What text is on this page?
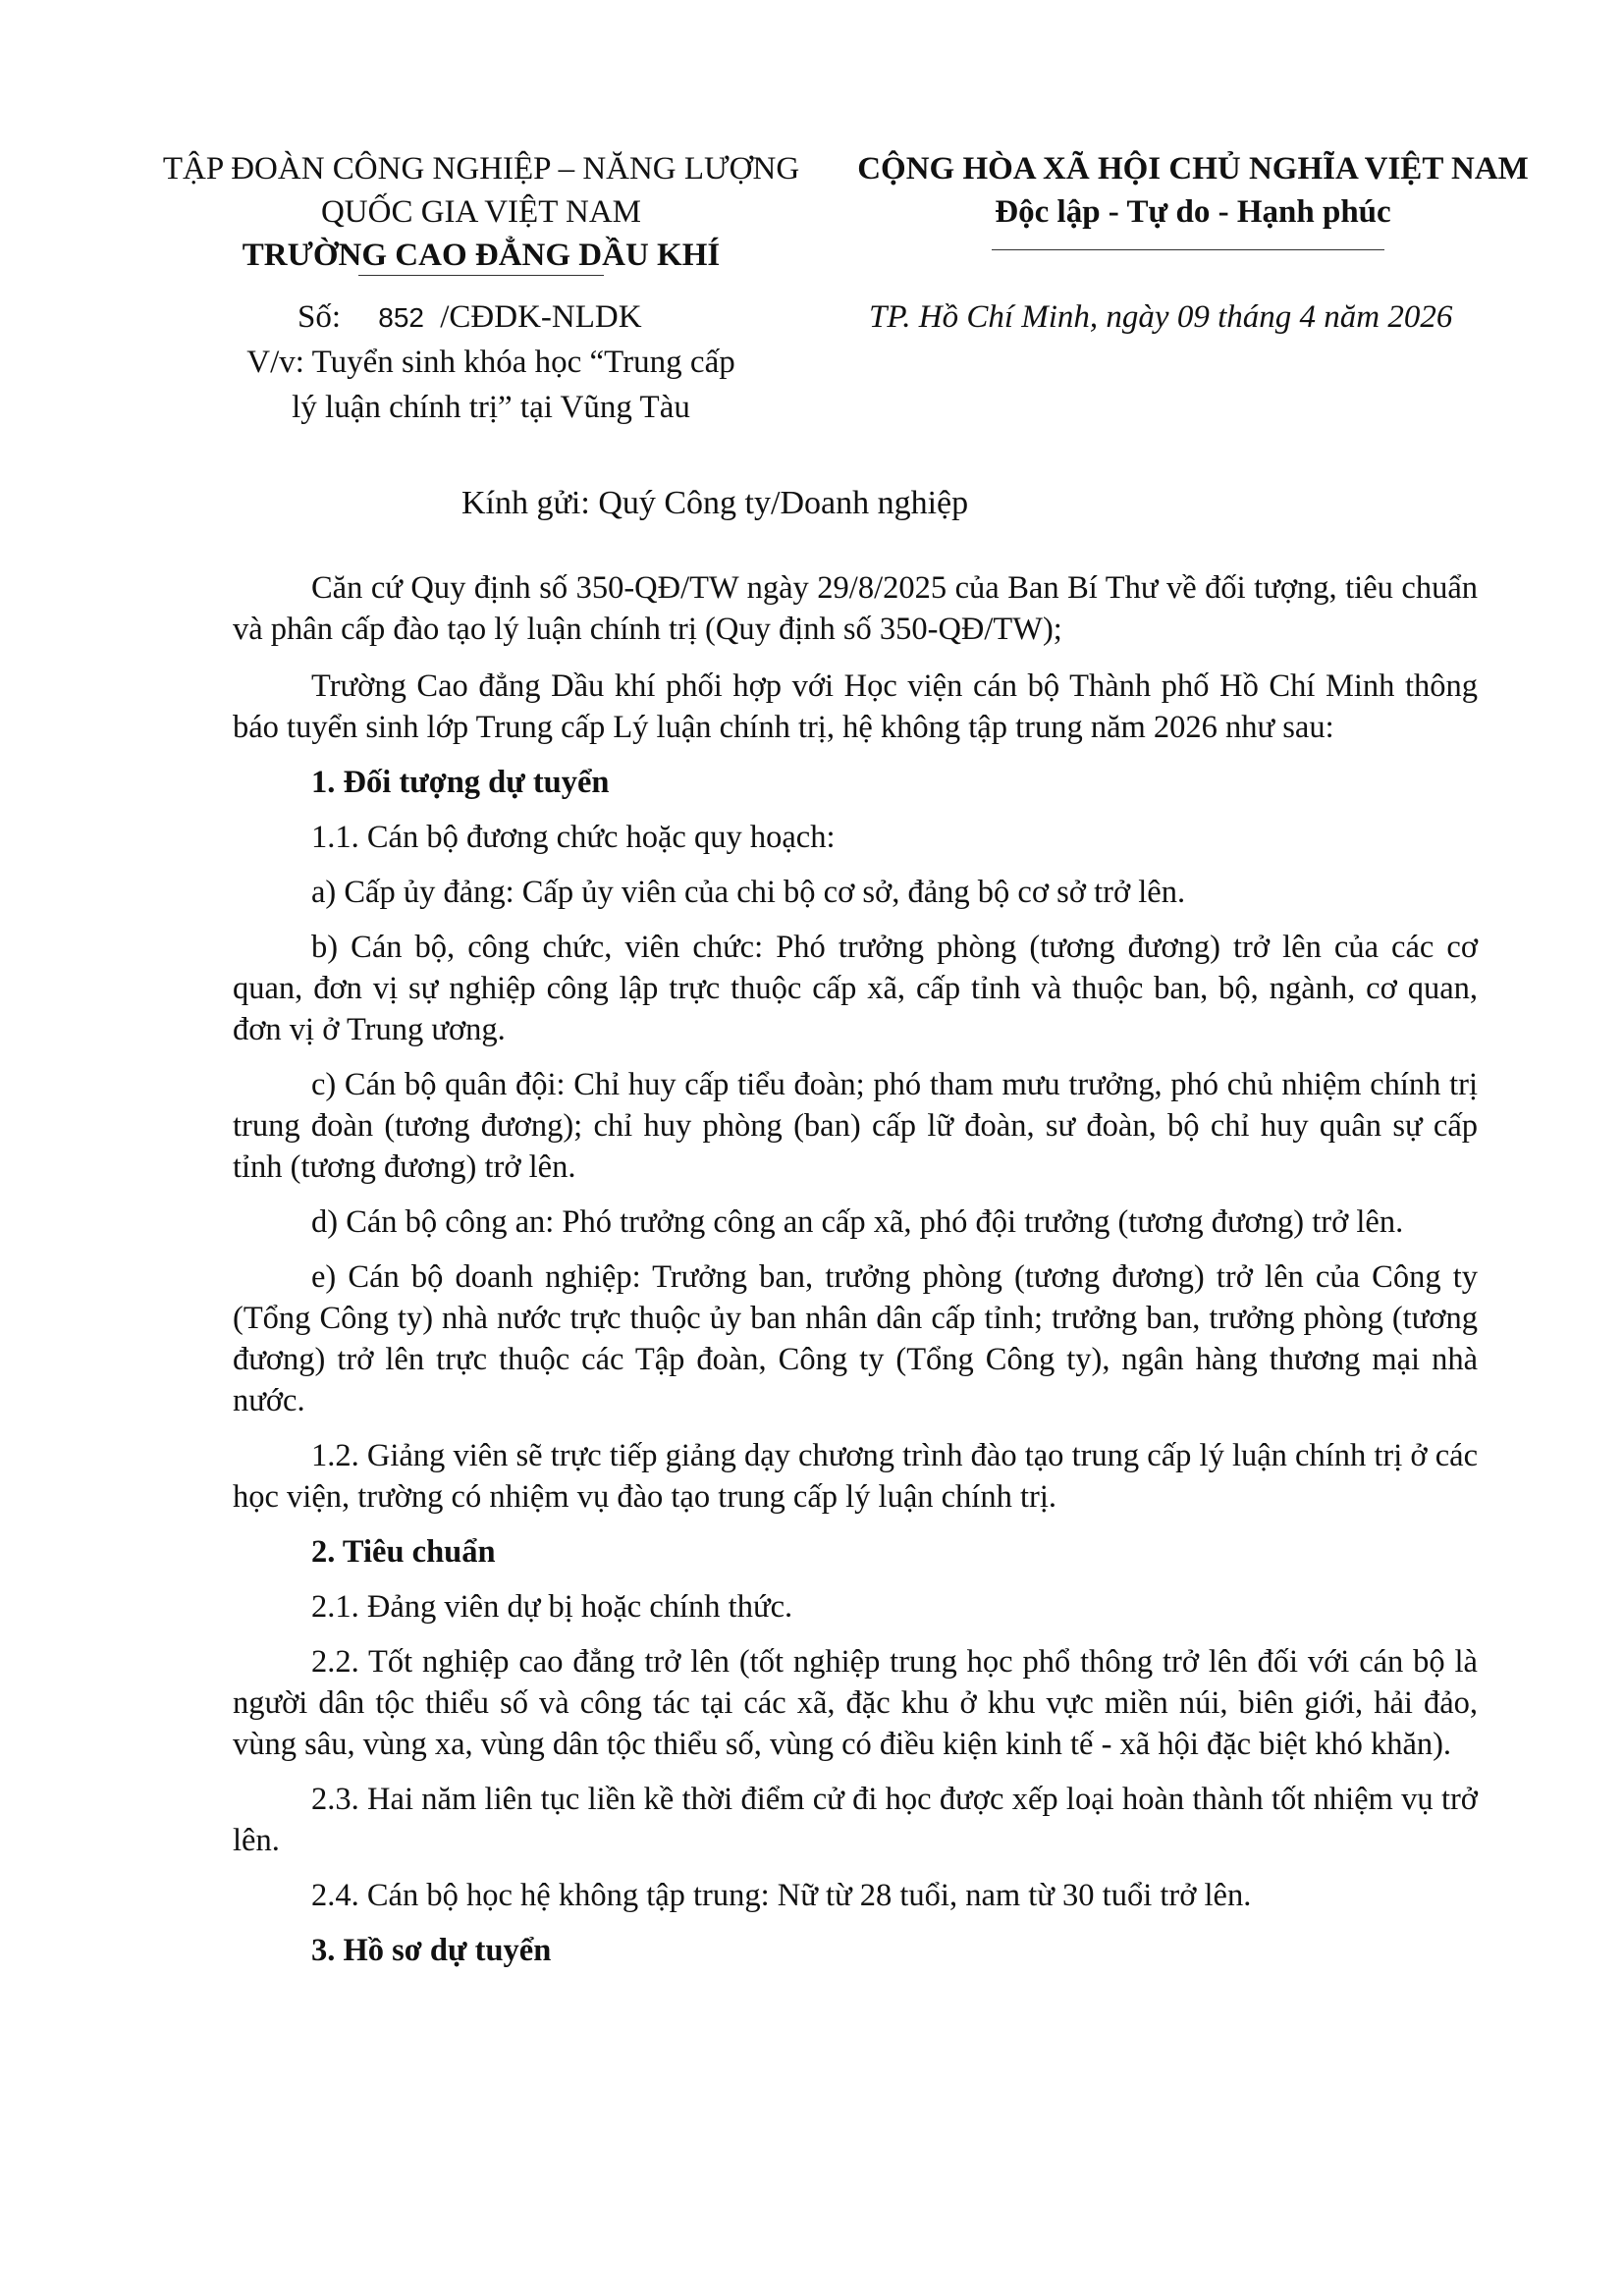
TẬP ĐOÀN CÔNG NGHIỆP – NĂNG LƯỢNG
QUỐC GIA VIỆT NAM
TRƯỜNG CAO ĐẲNG DẦU KHÍ
CỘNG HÒA XÃ HỘI CHỦ NGHĨA VIỆT NAM
Độc lập - Tự do - Hạnh phúc
Số: 852 /CĐDK-NLDK
V/v: Tuyển sinh khóa học “Trung cấp
lý luận chính trị” tại Vũng Tàu
TP. Hồ Chí Minh, ngày 09 tháng 4 năm 2026
Kính gửi: Quý Công ty/Doanh nghiệp

Căn cứ Quy định số 350-QĐ/TW ngày 29/8/2025 của Ban Bí Thư về đối tượng, tiêu chuẩn và phân cấp đào tạo lý luận chính trị (Quy định số 350-QĐ/TW);

Trường Cao đẳng Dầu khí phối hợp với Học viện cán bộ Thành phố Hồ Chí Minh thông báo tuyển sinh lớp Trung cấp Lý luận chính trị, hệ không tập trung năm 2026 như sau:

1. Đối tượng dự tuyển

1.1. Cán bộ đương chức hoặc quy hoạch:

a) Cấp ủy đảng: Cấp ủy viên của chi bộ cơ sở, đảng bộ cơ sở trở lên.

b) Cán bộ, công chức, viên chức: Phó trưởng phòng (tương đương) trở lên của các cơ quan, đơn vị sự nghiệp công lập trực thuộc cấp xã, cấp tỉnh và thuộc ban, bộ, ngành, cơ quan, đơn vị ở Trung ương.

c) Cán bộ quân đội: Chỉ huy cấp tiểu đoàn; phó tham mưu trưởng, phó chủ nhiệm chính trị trung đoàn (tương đương); chỉ huy phòng (ban) cấp lữ đoàn, sư đoàn, bộ chỉ huy quân sự cấp tỉnh (tương đương) trở lên.

d) Cán bộ công an: Phó trưởng công an cấp xã, phó đội trưởng (tương đương) trở lên.

e) Cán bộ doanh nghiệp: Trưởng ban, trưởng phòng (tương đương) trở lên của Công ty (Tổng Công ty) nhà nước trực thuộc ủy ban nhân dân cấp tỉnh; trưởng ban, trưởng phòng (tương đương) trở lên trực thuộc các Tập đoàn, Công ty (Tổng Công ty), ngân hàng thương mại nhà nước.

1.2. Giảng viên sẽ trực tiếp giảng dạy chương trình đào tạo trung cấp lý luận chính trị ở các học viện, trường có nhiệm vụ đào tạo trung cấp lý luận chính trị.

2. Tiêu chuẩn

2.1. Đảng viên dự bị hoặc chính thức.

2.2. Tốt nghiệp cao đẳng trở lên (tốt nghiệp trung học phổ thông trở lên đối với cán bộ là người dân tộc thiểu số và công tác tại các xã, đặc khu ở khu vực miền núi, biên giới, hải đảo, vùng sâu, vùng xa, vùng dân tộc thiểu số, vùng có điều kiện kinh tế - xã hội đặc biệt khó khăn).

2.3. Hai năm liên tục liền kề thời điểm cử đi học được xếp loại hoàn thành tốt nhiệm vụ trở lên.

2.4. Cán bộ học hệ không tập trung: Nữ từ 28 tuổi, nam từ 30 tuổi trở lên.

3. Hồ sơ dự tuyển
